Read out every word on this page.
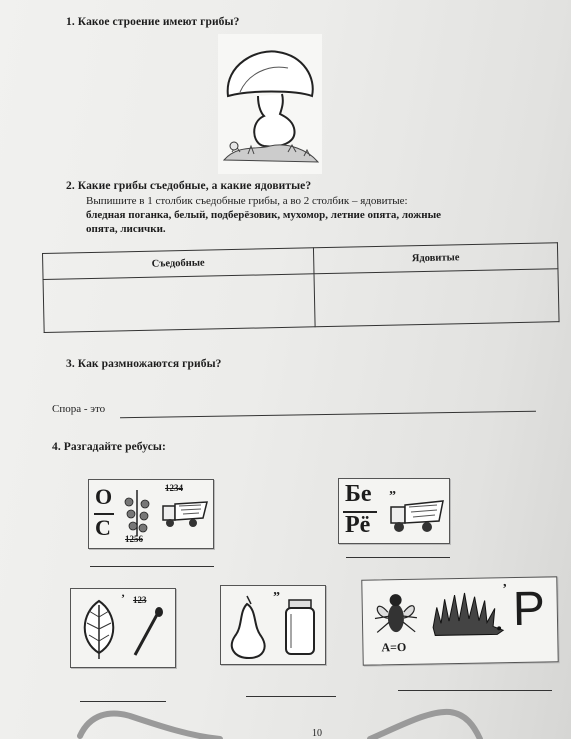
1. Какое строение имеют грибы?
2. Какие грибы съедобные, а какие ядовитые?
Выпишите в 1 столбик съедобные грибы, а во 2 столбик – ядовитые:
бледная поганка, белый, подберёзовик, мухомор, летние опята, ложные
опята, лисички.
Съедобные	Ядовитые

3. Как размножаются грибы?
Спора - это
4. Разгадайте ребусы:
О
С
1234
1256
Бе
Рё
”
’ 123	”
А=О
’ Р
10
